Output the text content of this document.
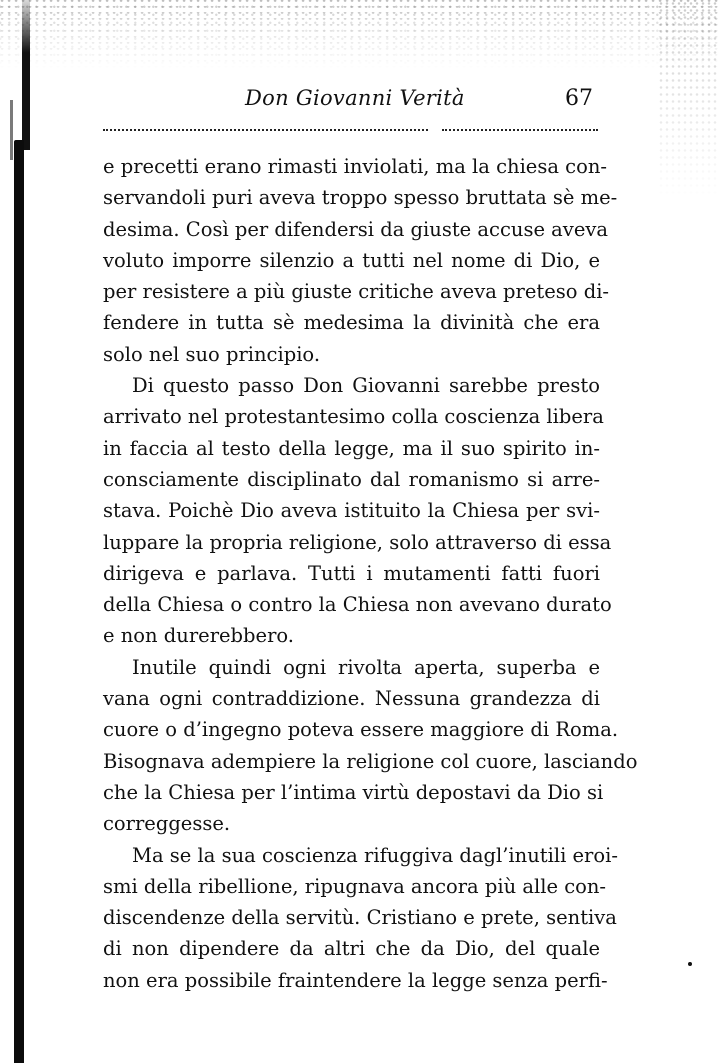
Don Giovanni Verità	67
e precetti erano rimasti inviolati, ma la chiesa con-
servandoli puri aveva troppo spesso bruttata sè me-
desima. Così per difendersi da giuste accuse aveva
voluto imporre silenzio a tutti nel nome di Dio, e
per resistere a più giuste critiche aveva preteso di-
fendere in tutta sè medesima la divinità che era
solo nel suo principio.
Di questo passo Don Giovanni sarebbe presto
arrivato nel protestantesimo colla coscienza libera
in faccia al testo della legge, ma il suo spirito in-
consciamente disciplinato dal romanismo si arre-
stava. Poichè Dio aveva istituito la Chiesa per svi-
luppare la propria religione, solo attraverso di essa
dirigeva e parlava. Tutti i mutamenti fatti fuori
della Chiesa o contro la Chiesa non avevano durato
e non durerebbero.
Inutile quindi ogni rivolta aperta, superba e
vana ogni contraddizione. Nessuna grandezza di
cuore o d’ingegno poteva essere maggiore di Roma.
Bisognava adempiere la religione col cuore, lasciando
che la Chiesa per l’intima virtù depostavi da Dio si
correggesse.
Ma se la sua coscienza rifuggiva dagl’inutili eroi-
smi della ribellione, ripugnava ancora più alle con-
discendenze della servitù. Cristiano e prete, sentiva
di non dipendere da altri che da Dio, del quale
non era possibile fraintendere la legge senza perfi-
